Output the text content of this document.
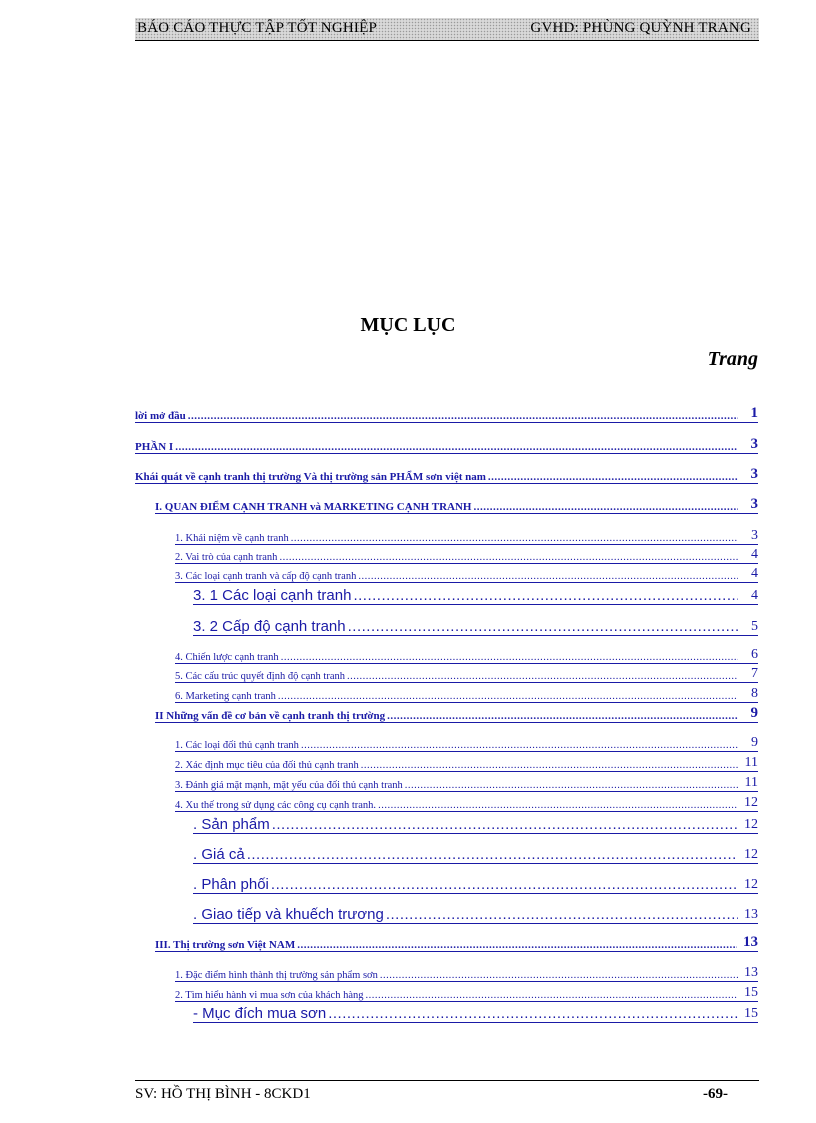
BÁO CÁO THỰC TẬP TỐT NGHIỆP	GVHD: PHÙNG QUỲNH TRANG
MỤC LỤC
Trang
lời mở đầu .....	1
PHẦN I .....	3
Khái quát về cạnh tranh thị trường Và thị trường sản PHẨM sơn việt nam .....	3
I. QUAN ĐIỂM CẠNH TRANH và MARKETING CẠNH TRANH .....	3
1. Khái niệm về cạnh tranh .....	3
2. Vai trò của cạnh tranh .....	4
3. Các loại cạnh tranh và cấp độ cạnh tranh .....	4
3. 1 Các loại cạnh tranh .....	4
3. 2 Cấp độ cạnh tranh .....	5
4. Chiến lược cạnh tranh .....	6
5. Các cấu trúc quyết định độ cạnh tranh .....	7
6. Marketing cạnh tranh .....	8
II Những vấn đề cơ bản về cạnh tranh thị trường .....	9
1. Các loại đối thủ cạnh tranh .....	9
2. Xác định mục tiêu của đối thủ cạnh tranh .....	11
3. Đánh giá mặt mạnh, mặt yếu của đối thủ cạnh tranh .....	11
4. Xu thế trong sử dụng các công cụ cạnh tranh. .....	12
. Sản phẩm .....	12
. Giá cả .....	12
. Phân phối .....	12
. Giao tiếp và khuếch trương .....	13
III. Thị trường sơn Việt NAM .....	13
1. Đặc điểm hình thành thị trường sản phẩm sơn .....	13
2. Tìm hiểu hành vi mua sơn của khách hàng .....	15
- Mục đích mua sơn .....	15
SV: HỒ THỊ BÌNH - 8CKD1	-69-
